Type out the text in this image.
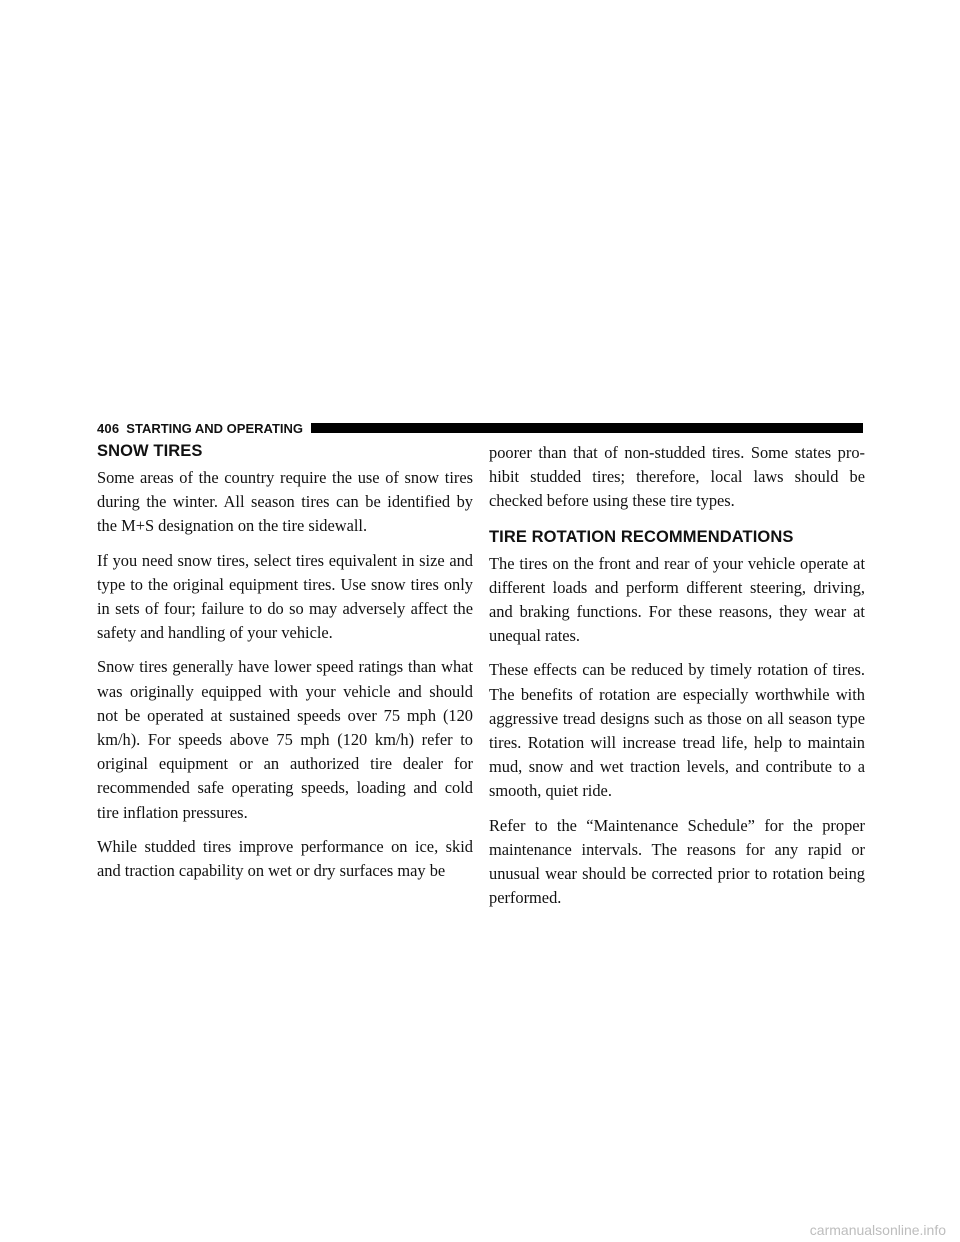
406 STARTING AND OPERATING
SNOW TIRES

Some areas of the country require the use of snow tires during the winter. All season tires can be identified by the M+S designation on the tire sidewall.

If you need snow tires, select tires equivalent in size and type to the original equipment tires. Use snow tires only in sets of four; failure to do so may adversely affect the safety and handling of your vehicle.

Snow tires generally have lower speed ratings than what was originally equipped with your vehicle and should not be operated at sustained speeds over 75 mph (120 km/h). For speeds above 75 mph (120 km/h) refer to original equipment or an authorized tire dealer for recommended safe operating speeds, loading and cold tire inflation pressures.

While studded tires improve performance on ice, skid and traction capability on wet or dry surfaces may be

poorer than that of non-studded tires. Some states prohibit studded tires; therefore, local laws should be checked before using these tire types.

TIRE ROTATION RECOMMENDATIONS

The tires on the front and rear of your vehicle operate at different loads and perform different steering, driving, and braking functions. For these reasons, they wear at unequal rates.

These effects can be reduced by timely rotation of tires. The benefits of rotation are especially worthwhile with aggressive tread designs such as those on all season type tires. Rotation will increase tread life, help to maintain mud, snow and wet traction levels, and contribute to a smooth, quiet ride.

Refer to the “Maintenance Schedule” for the proper maintenance intervals. The reasons for any rapid or unusual wear should be corrected prior to rotation being performed.

carmanualsonline.info
